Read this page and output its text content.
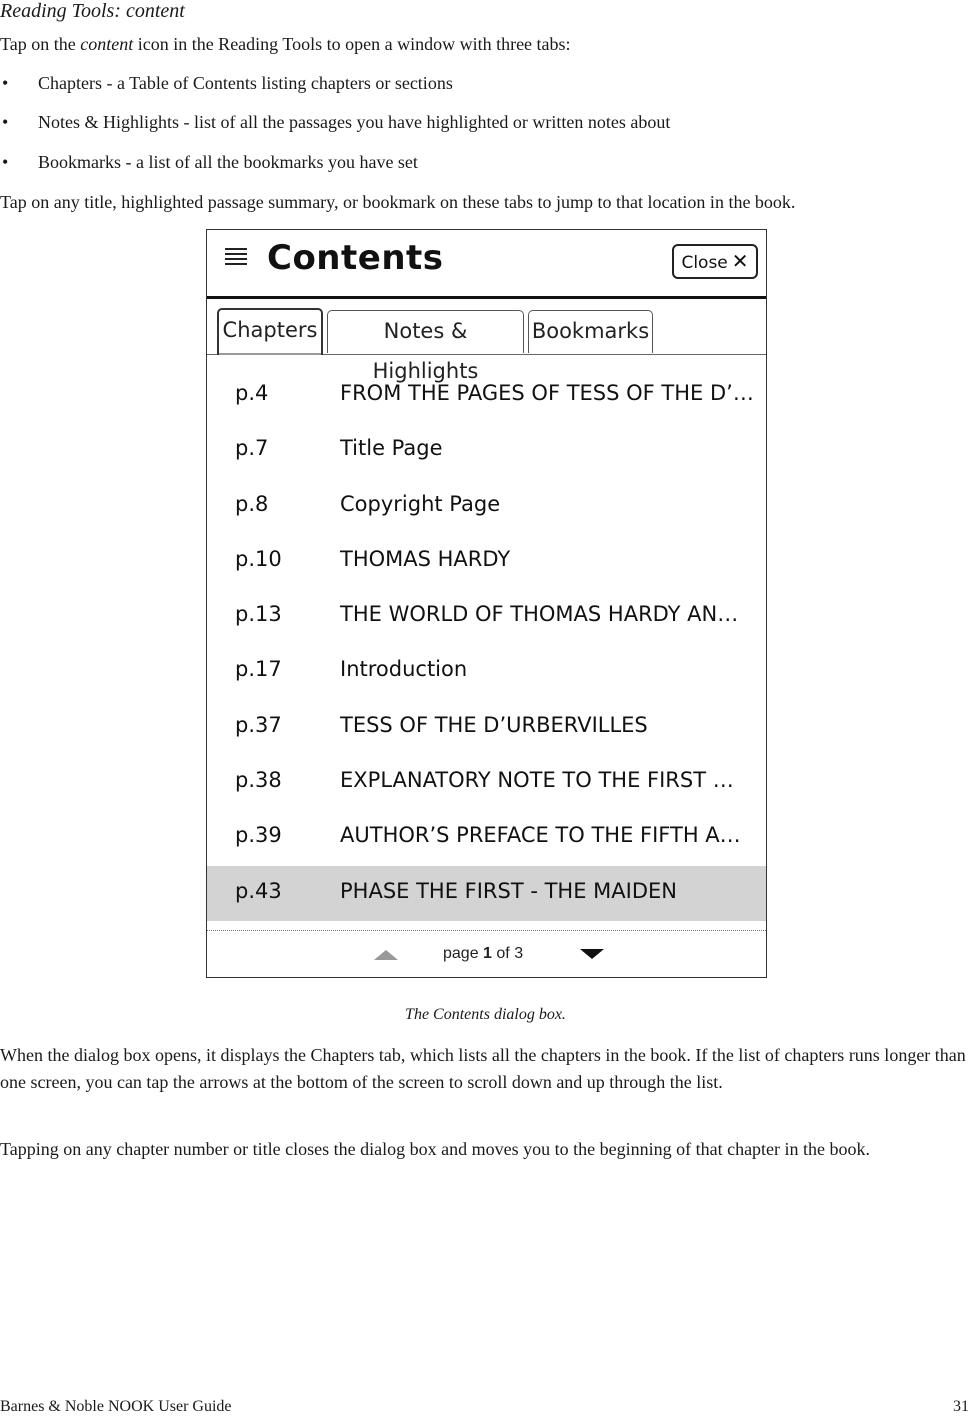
Reading Tools: content
Tap on the content icon in the Reading Tools to open a window with three tabs:
• Chapters - a Table of Contents listing chapters or sections
• Notes & Highlights - list of all the passages you have highlighted or written notes about
• Bookmarks - a list of all the bookmarks you have set
Tap on any title, highlighted passage summary, or bookmark on these tabs to jump to that location in the book.
Contents	Close ✕
Chapters	Notes & Highlights
Bookmarks
p.4	FROM THE PAGES OF TESS OF THE D’…
p.7	Title Page
p.8	Copyright Page
p.10	THOMAS HARDY
p.13	THE WORLD OF THOMAS HARDY AN…
p.17	Introduction
p.37	TESS OF THE D’URBERVILLES
p.38	EXPLANATORY NOTE TO THE FIRST …
p.39	AUTHOR’S PREFACE TO THE FIFTH A…
p.43	PHASE THE FIRST - THE MAIDEN
page 1 of 3
The Contents dialog box.
When the dialog box opens, it displays the Chapters tab, which lists all the chapters in the book. If the list of chapters runs longer than one screen, you can tap the arrows at the bottom of the screen to scroll down and up through the list.
Tapping on any chapter number or title closes the dialog box and moves you to the beginning of that chapter in the book.
Barnes & Noble NOOK User Guide	31
